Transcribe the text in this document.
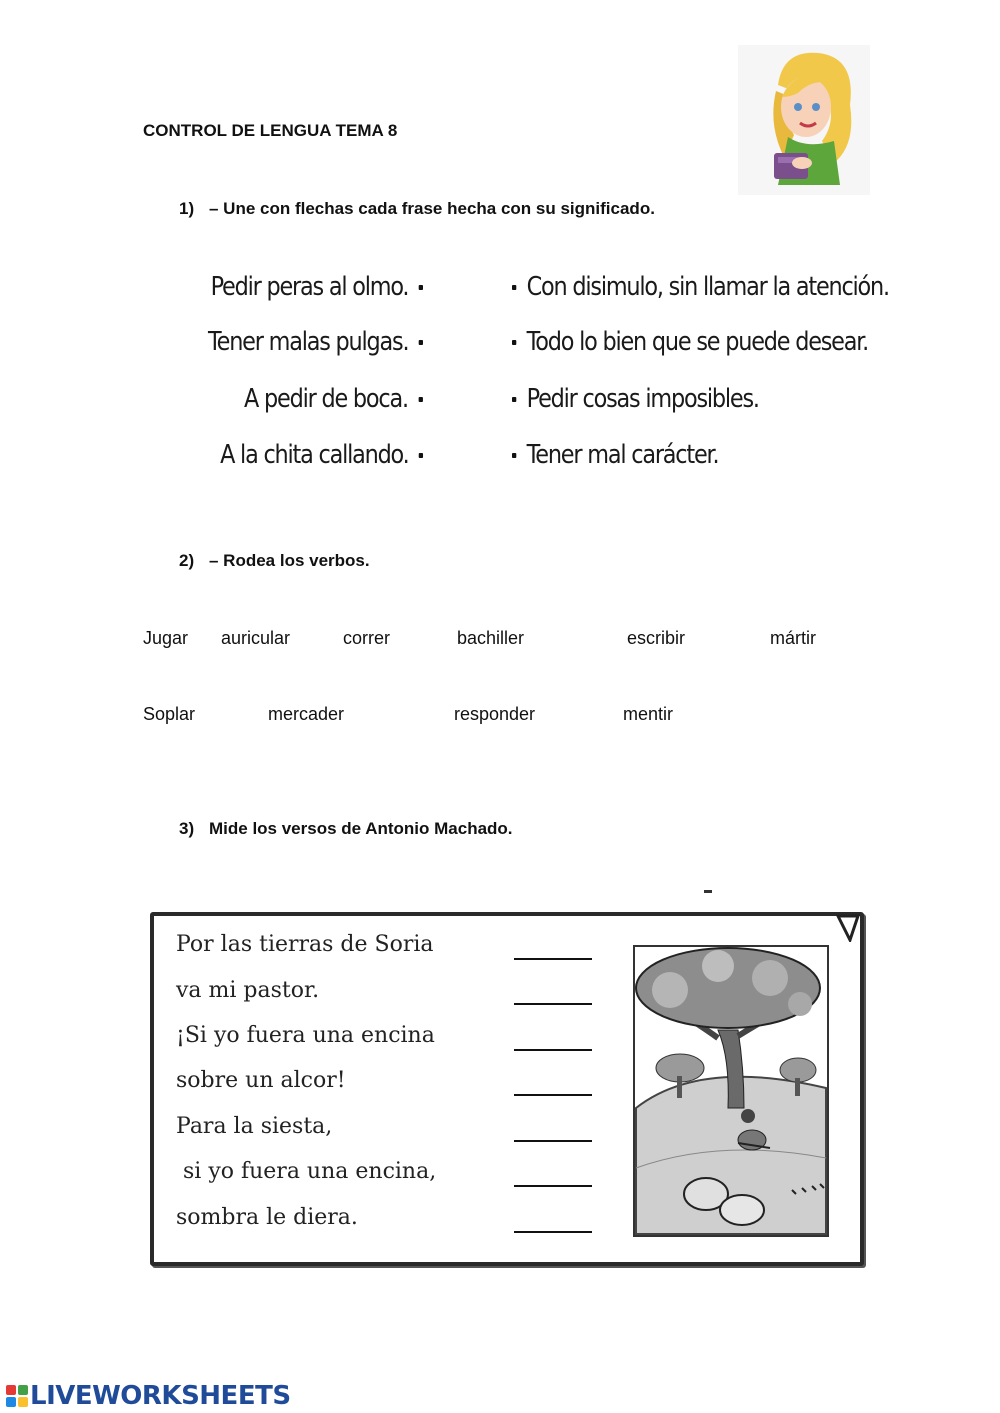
CONTROL DE LENGUA TEMA 8
1) – Une con flechas cada frase hecha con su significado.
Pedir peras al olmo.
Tener malas pulgas.
A pedir de boca.
A la chita callando.
Con disimulo, sin llamar la atención.
Todo lo bien que se puede desear.
Pedir cosas imposibles.
Tener mal carácter.
2) – Rodea los verbos.
Jugar auricular	correr	bachiller	escribir	mártir
Soplar	mercader	responder	mentir
3) Mide los versos de Antonio Machado.
Por las tierras de Soria
va mi pastor.
¡Si yo fuera una encina
sobre un alcor!
Para la siesta,
si yo fuera una encina,
sombra le diera.
LIVEWORKSHEETS
